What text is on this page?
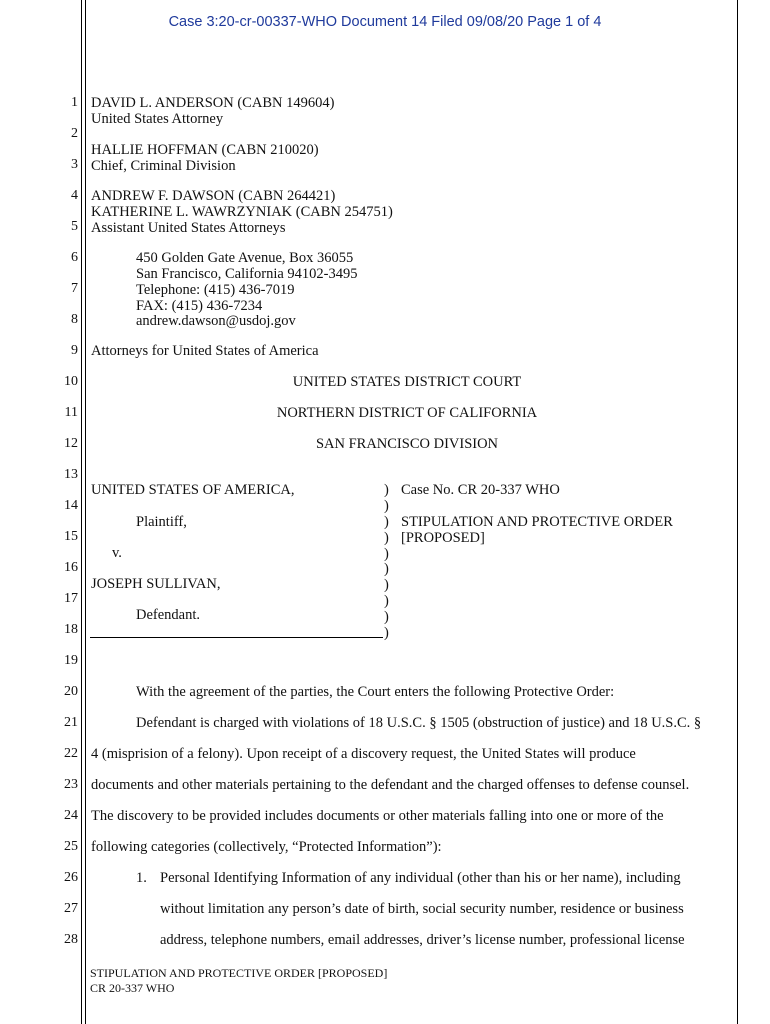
Case 3:20-cr-00337-WHO Document 14 Filed 09/08/20 Page 1 of 4
1
2
3
4
5
6
7
8
9
10
11
12
13
14
15
16
17
18
19
20
21
22
23
24
25
26
27
28
DAVID L. ANDERSON (CABN 149604)
United States Attorney
HALLIE HOFFMAN (CABN 210020)
Chief, Criminal Division
ANDREW F. DAWSON (CABN 264421)
KATHERINE L. WAWRZYNIAK (CABN 254751)
Assistant United States Attorneys
450 Golden Gate Avenue, Box 36055
San Francisco, California 94102-3495
Telephone: (415) 436-7019
FAX: (415) 436-7234
andrew.dawson@usdoj.gov
Attorneys for United States of America
UNITED STATES DISTRICT COURT
NORTHERN DISTRICT OF CALIFORNIA
SAN FRANCISCO DIVISION
UNITED STATES OF AMERICA,
Plaintiff,
v.
JOSEPH SULLIVAN,
Defendant.
)
)
)
)
)
)
)
)
)
)
Case No. CR 20-337 WHO
STIPULATION AND PROTECTIVE ORDER
[PROPOSED]
With the agreement of the parties, the Court enters the following Protective Order:
Defendant is charged with violations of 18 U.S.C. § 1505 (obstruction of justice) and 18 U.S.C. §
4 (misprision of a felony). Upon receipt of a discovery request, the United States will produce
documents and other materials pertaining to the defendant and the charged offenses to defense counsel.
The discovery to be provided includes documents or other materials falling into one or more of the
following categories (collectively, “Protected Information”):
1. Personal Identifying Information of any individual (other than his or her name), including
without limitation any person’s date of birth, social security number, residence or business
address, telephone numbers, email addresses, driver’s license number, professional license
STIPULATION AND PROTECTIVE ORDER [PROPOSED]
CR 20-337 WHO
